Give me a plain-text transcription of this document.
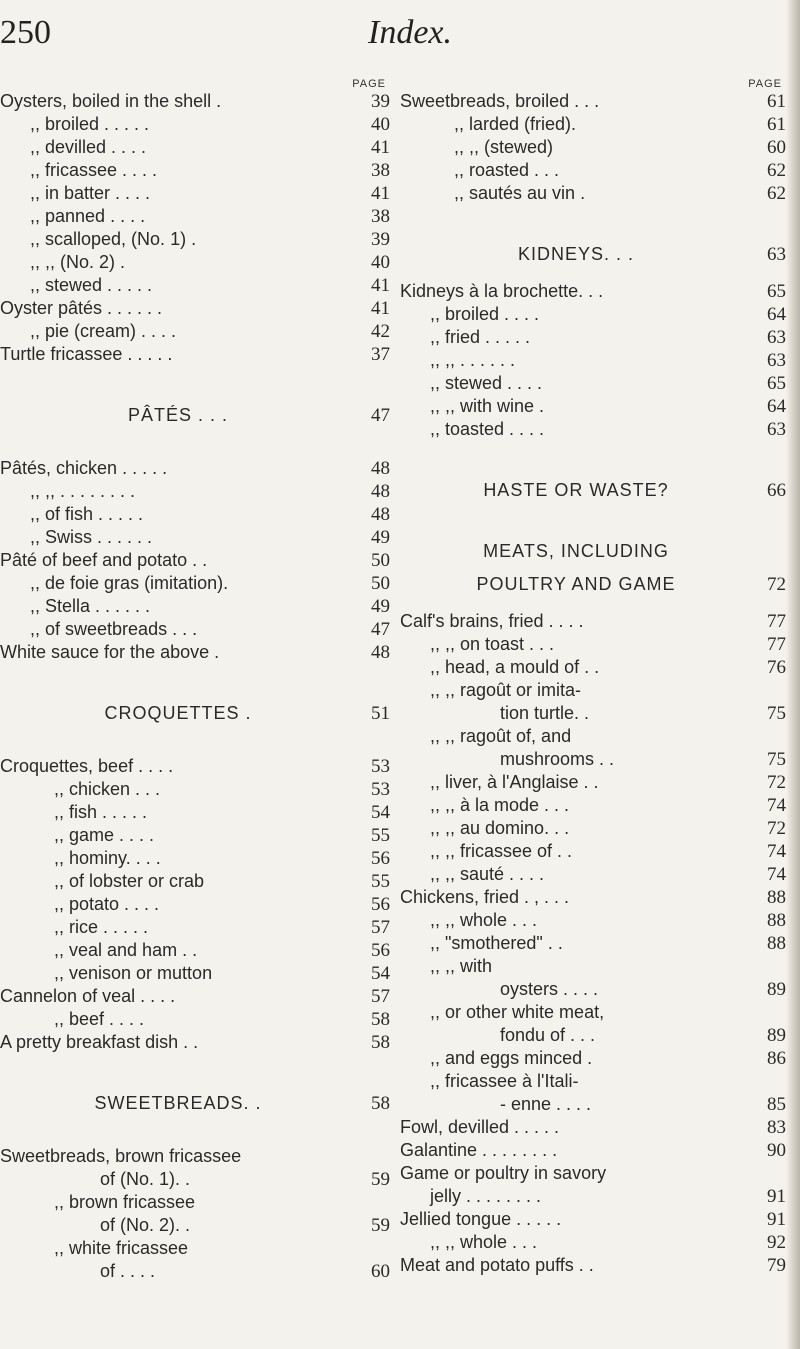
250	Index.
PAGE
Oysters, boiled in the shell .	39
,, broiled . . . . .	40
,, devilled . . . .	41
,, fricassee . . . .	38
,, in batter . . . .	41
,, panned . . . .	38
,, scalloped, (No. 1) .	39
,, ,, (No. 2) .	40
,, stewed . . . . .	41
Oyster pâtés . . . . . .	41
,, pie (cream) . . . .	42
Turtle fricassee . . . . .	37
PÂTÉS . . .	47
Pâtés, chicken . . . . .	48
,, ,, . . . . . . . .	48
,, of fish . . . . .	48
,, Swiss . . . . . .	49
Pâté of beef and potato . .	50
,, de foie gras (imitation).	50
,, Stella . . . . . .	49
,, of sweetbreads . . .	47
White sauce for the above .	48
CROQUETTES .	51
Croquettes, beef . . . .	53
,, chicken . . .	53
,, fish . . . . .	54
,, game . . . .	55
,, hominy. . . .	56
,, of lobster or crab	55
,, potato . . . .	56
,, rice . . . . .	57
,, veal and ham . .	56
,, venison or mutton	54
Cannelon of veal . . . .	57
,, beef . . . .	58
A pretty breakfast dish . .	58
SWEETBREADS. .	58
Sweetbreads, brown fricassee
of (No. 1). .	59
,, brown fricassee
of (No. 2). .	59
,, white fricassee
of . . . .	60
PAGE
Sweetbreads, broiled . . .	61
,, larded (fried).	61
,, ,, (stewed)	60
,, roasted . . .	62
,, sautés au vin .	62
KIDNEYS. . .	63
Kidneys à la brochette. . .	65
,, broiled . . . .	64
,, fried . . . . .	63
,, ,, . . . . . .	63
,, stewed . . . .	65
,, ,, with wine .	64
,, toasted . . . .	63
HASTE OR WASTE?	66
MEATS, INCLUDING
POULTRY AND GAME	72
Calf's brains, fried . . . .	77
,, ,, on toast . . .	77
,, head, a mould of . .	76
,, ,, ragoût or imita-
tion turtle. .	75
,, ,, ragoût of, and
mushrooms . .	75
,, liver, à l'Anglaise . .	72
,, ,, à la mode . . .	74
,, ,, au domino. . .	72
,, ,, fricassee of . .	74
,, ,, sauté . . . .	74
Chickens, fried . , . . .	88
,, ,, whole . . .	88
,, "smothered" . .	88
,, ,, with
oysters . . . .	89
,, or other white meat,
fondu of . . .	89
,, and eggs minced .	86
,, fricassee à l'Itali-
- enne . . . .	85
Fowl, devilled . . . . .	83
Galantine . . . . . . . .	90
Game or poultry in savory
jelly . . . . . . . .	91
Jellied tongue . . . . .	91
,, ,, whole . . .	92
Meat and potato puffs . .	79
